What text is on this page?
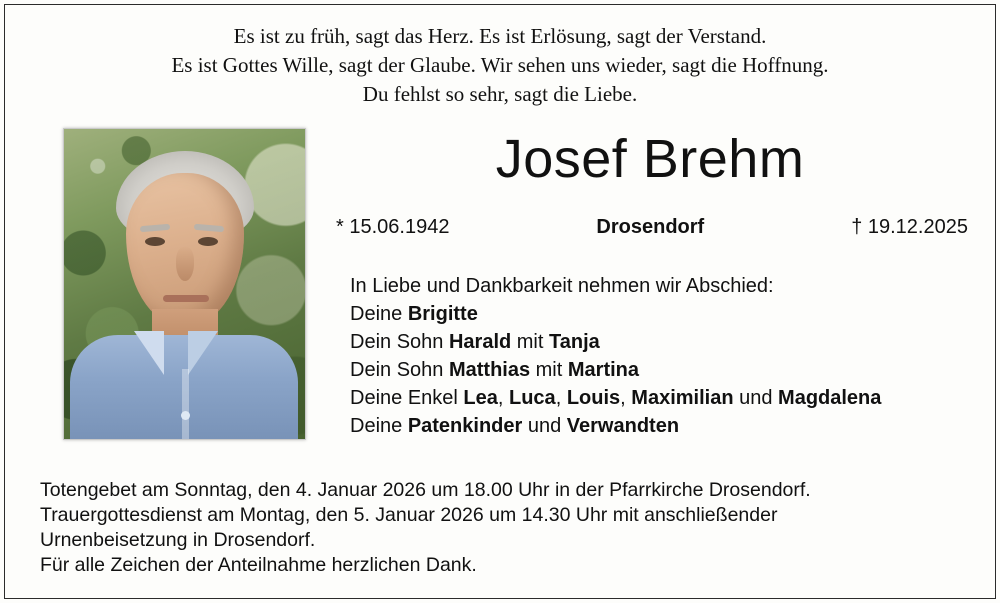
Es ist zu früh, sagt das Herz. Es ist Erlösung, sagt der Verstand.
Es ist Gottes Wille, sagt der Glaube. Wir sehen uns wieder, sagt die Hoffnung.
Du fehlst so sehr, sagt die Liebe.
Josef Brehm
* 15.06.1942	Drosendorf	† 19.12.2025
In Liebe und Dankbarkeit nehmen wir Abschied:
Deine Brigitte
Dein Sohn Harald mit Tanja
Dein Sohn Matthias mit Martina
Deine Enkel Lea, Luca, Louis, Maximilian und Magdalena
Deine Patenkinder und Verwandten
Totengebet am Sonntag, den 4. Januar 2026 um 18.00 Uhr in der Pfarrkirche Drosendorf.
Trauergottesdienst am Montag, den 5. Januar 2026 um 14.30 Uhr mit anschließender
Urnenbeisetzung in Drosendorf.
Für alle Zeichen der Anteilnahme herzlichen Dank.
